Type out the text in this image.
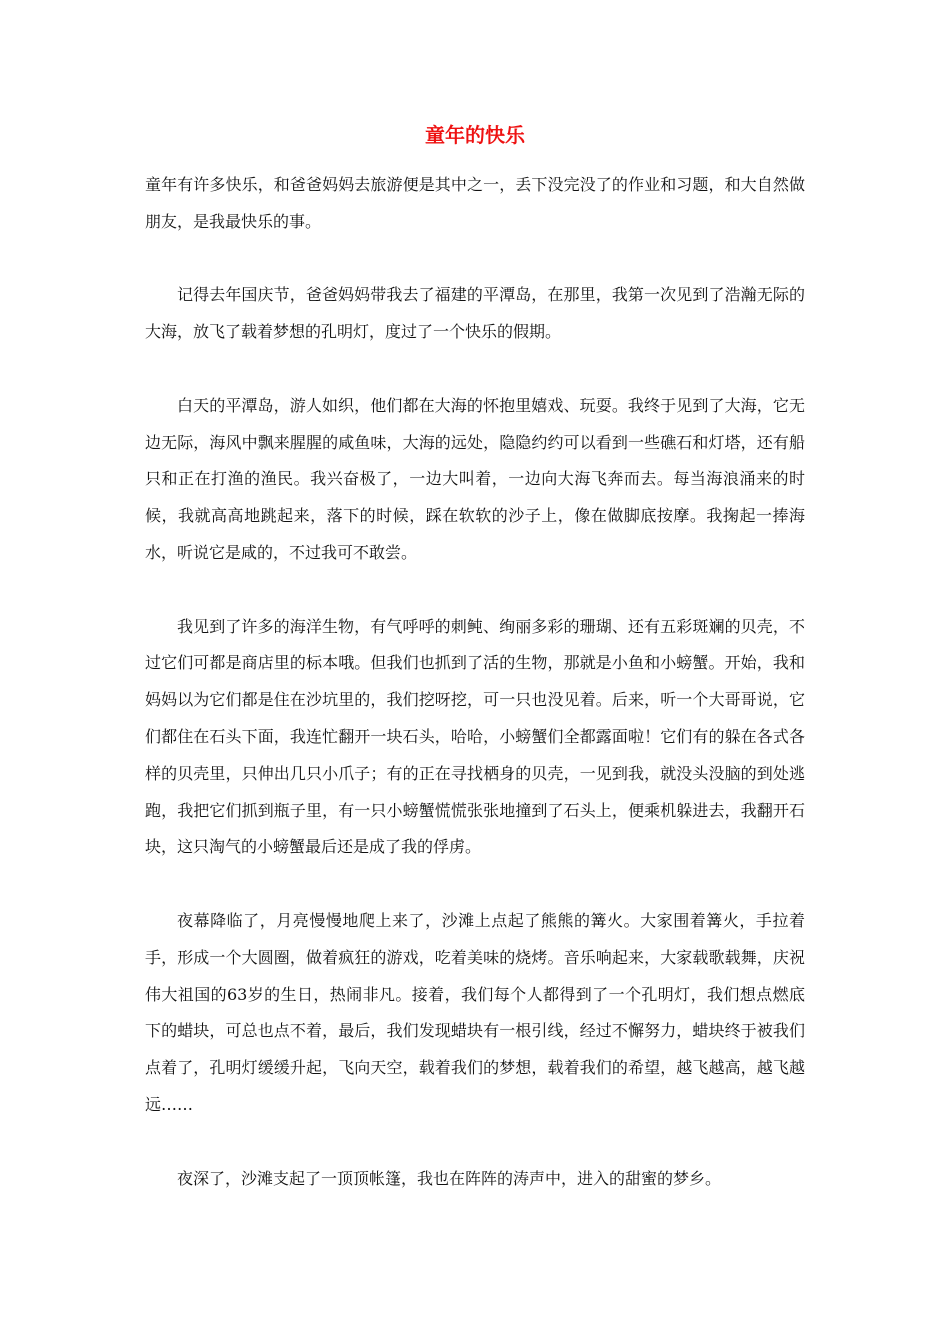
童年的快乐

童年有许多快乐，和爸爸妈妈去旅游便是其中之一，丢下没完没了的作业和习题，和大自然做朋友，是我最快乐的事。

记得去年国庆节，爸爸妈妈带我去了福建的平潭岛，在那里，我第一次见到了浩瀚无际的大海，放飞了载着梦想的孔明灯，度过了一个快乐的假期。

白天的平潭岛，游人如织，他们都在大海的怀抱里嬉戏、玩耍。我终于见到了大海，它无边无际，海风中飘来腥腥的咸鱼味，大海的远处，隐隐约约可以看到一些礁石和灯塔，还有船只和正在打渔的渔民。我兴奋极了，一边大叫着，一边向大海飞奔而去。每当海浪涌来的时候，我就高高地跳起来，落下的时候，踩在软软的沙子上，像在做脚底按摩。我掬起一捧海水，听说它是咸的，不过我可不敢尝。

我见到了许多的海洋生物，有气呼呼的刺鲀、绚丽多彩的珊瑚、还有五彩斑斓的贝壳，不过它们可都是商店里的标本哦。但我们也抓到了活的生物，那就是小鱼和小螃蟹。开始，我和妈妈以为它们都是住在沙坑里的，我们挖呀挖，可一只也没见着。后来，听一个大哥哥说，它们都住在石头下面，我连忙翻开一块石头，哈哈，小螃蟹们全都露面啦！它们有的躲在各式各样的贝壳里，只伸出几只小爪子；有的正在寻找栖身的贝壳，一见到我，就没头没脑的到处逃跑，我把它们抓到瓶子里，有一只小螃蟹慌慌张张地撞到了石头上，便乘机躲进去，我翻开石块，这只淘气的小螃蟹最后还是成了我的俘虏。

夜幕降临了，月亮慢慢地爬上来了，沙滩上点起了熊熊的篝火。大家围着篝火，手拉着手，形成一个大圆圈，做着疯狂的游戏，吃着美味的烧烤。音乐响起来，大家载歌载舞，庆祝伟大祖国的63岁的生日，热闹非凡。接着，我们每个人都得到了一个孔明灯，我们想点燃底下的蜡块，可总也点不着，最后，我们发现蜡块有一根引线，经过不懈努力，蜡块终于被我们点着了，孔明灯缓缓升起，飞向天空，载着我们的梦想，载着我们的希望，越飞越高，越飞越远……

夜深了，沙滩支起了一顶顶帐篷，我也在阵阵的涛声中，进入的甜蜜的梦乡。
